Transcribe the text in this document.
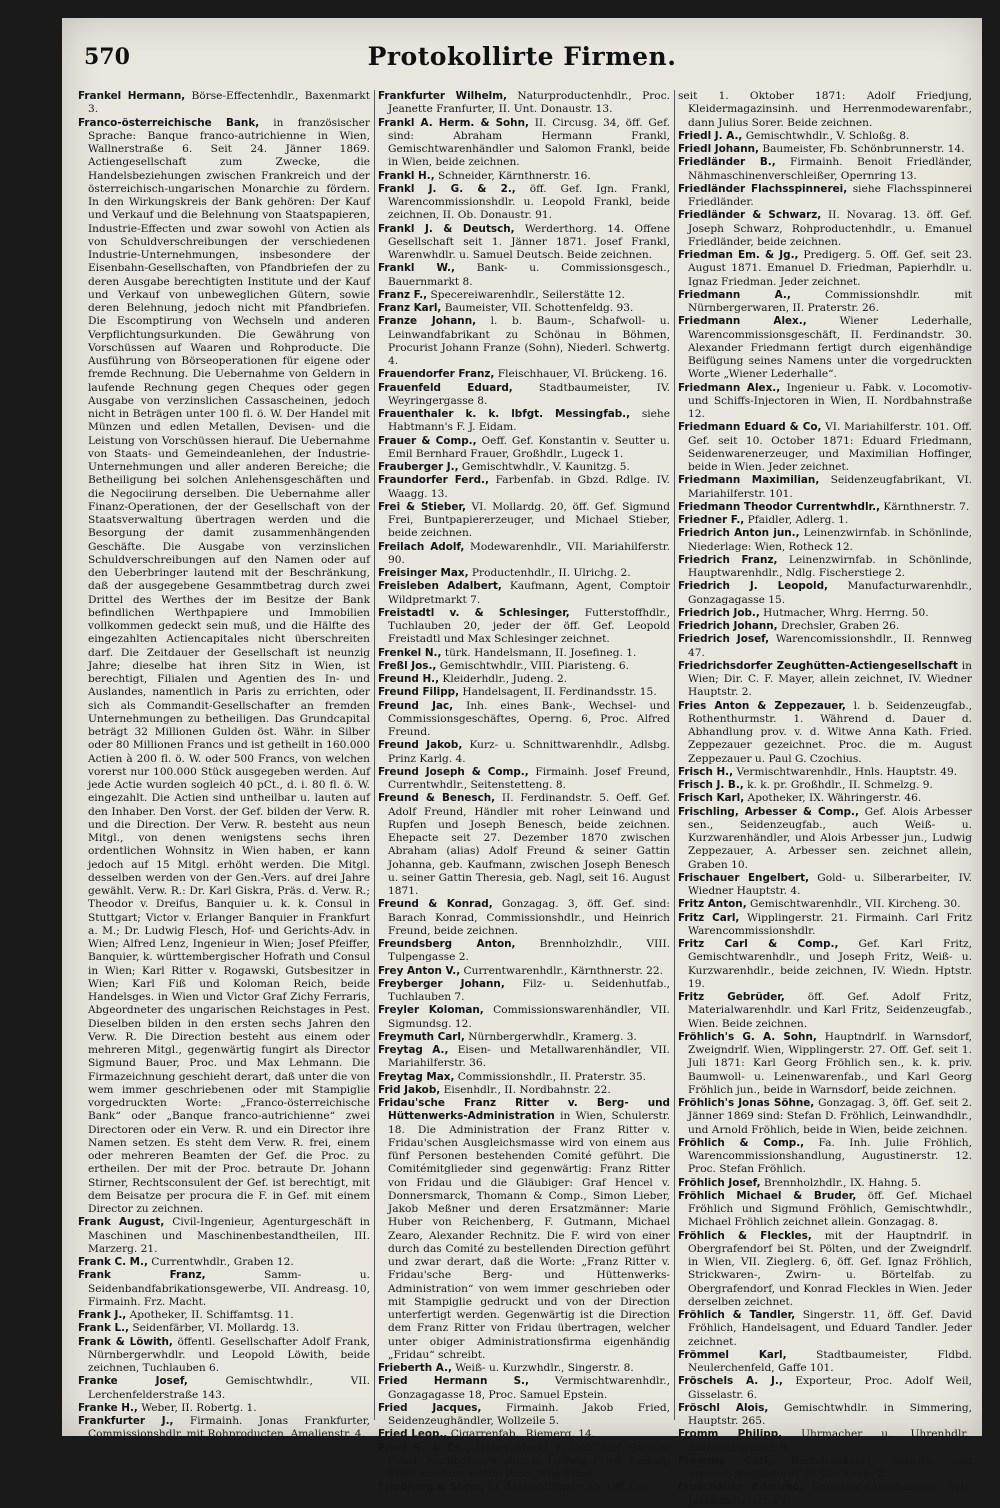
570	Protokollirte Firmen.
Frankel Hermann, Börse-Effectenhdlr., Baxenmarkt 3.
Franco-österreichische Bank, in französischer Sprache: Banque franco-autrichienne in Wien, Wallnerstraße 6. Seit 24. Jänner 1869. Actiengesellschaft zum Zwecke, die Handelsbeziehungen zwischen Frankreich und der österreichisch-ungarischen Monarchie zu fördern. In den Wirkungskreis der Bank gehören: Der Kauf und Verkauf und die Belehnung von Staatspapieren, Industrie-Effecten und zwar sowohl von Actien als von Schuldverschreibungen der verschiedenen Industrie-Unternehmungen, insbesondere der Eisenbahn-Gesellschaften, von Pfandbriefen der zu deren Ausgabe berechtigten Institute und der Kauf und Verkauf von unbeweglichen Gütern, sowie deren Belehnung, jedoch nicht mit Pfandbriefen. Die Escomptirung von Wechseln und anderen Verpflichtungsurkunden. Die Gewährung von Vorschüssen auf Waaren und Rohproducte. Die Ausführung von Börseoperationen für eigene oder fremde Rechnung. Die Uebernahme von Geldern in laufende Rechnung gegen Cheques oder gegen Ausgabe von verzinslichen Cassascheinen, jedoch nicht in Beträgen unter 100 fl. ö. W. Der Handel mit Münzen und edlen Metallen, Devisen- und die Leistung von Vorschüssen hierauf. Die Uebernahme von Staats- und Gemeindeanlehen, der Industrie-Unternehmungen und aller anderen Bereiche; die Betheiligung bei solchen Anlehensgeschäften und die Negociirung derselben. Die Uebernahme aller Finanz-Operationen, der der Gesellschaft von der Staatsverwaltung übertragen werden und die Besorgung der damit zusammenhängenden Geschäfte. Die Ausgabe von verzinslichen Schuldverschreibungen auf den Namen oder auf den Ueberbringer lautend mit der Beschränkung, daß der ausgegebene Gesammtbetrag durch zwei Drittel des Werthes der im Besitze der Bank befindlichen Werthpapiere und Immobilien vollkommen gedeckt sein muß, und die Hälfte des eingezahlten Actiencapitales nicht überschreiten darf. Die Zeitdauer der Gesellschaft ist neunzig Jahre; dieselbe hat ihren Sitz in Wien, ist berechtigt, Filialen und Agentien des In- und Auslandes, namentlich in Paris zu errichten, oder sich als Commandit-Gesellschafter an fremden Unternehmungen zu betheiligen. Das Grundcapital beträgt 32 Millionen Gulden öst. Währ. in Silber oder 80 Millionen Francs und ist getheilt in 160.000 Actien à 200 fl. ö. W. oder 500 Francs, von welchen vorerst nur 100.000 Stück ausgegeben werden. Auf jede Actie wurden sogleich 40 pCt., d. i. 80 fl. ö. W. eingezahlt. Die Actien sind untheilbar u. lauten auf den Inhaber. Den Vorst. der Gef. bilden der Verw. R. und die Direction. Der Verw. R. besteht aus neun Mitgl., von denen wenigstens sechs ihren ordentlichen Wohnsitz in Wien haben, er kann jedoch auf 15 Mitgl. erhöht werden. Die Mitgl. desselben werden von der Gen.-Vers. auf drei Jahre gewählt. Verw. R.: Dr. Karl Giskra, Präs. d. Verw. R.; Theodor v. Dreifus, Banquier u. k. k. Consul in Stuttgart; Victor v. Erlanger Banquier in Frankfurt a. M.; Dr. Ludwig Flesch, Hof- und Gerichts-Adv. in Wien; Alfred Lenz, Ingenieur in Wien; Josef Pfeiffer, Banquier, k. württembergischer Hofrath und Consul in Wien; Karl Ritter v. Rogawski, Gutsbesitzer in Wien; Karl Fiß und Koloman Reich, beide Handelsges. in Wien und Victor Graf Zichy Ferraris, Abgeordneter des ungarischen Reichstages in Pest. Dieselben bilden in den ersten sechs Jahren den Verw. R. Die Direction besteht aus einem oder mehreren Mitgl., gegenwärtig fungirt als Director Sigmund Bauer, Proc. und Max Lehmann. Die Firmazeichnung geschieht derart, daß unter die von wem immer geschriebenen oder mit Stampiglie vorgedruckten Worte: „Franco-österreichische Bank“ oder „Banque franco-autrichienne“ zwei Directoren oder ein Verw. R. und ein Director ihre Namen setzen. Es steht dem Verw. R. frei, einem oder mehreren Beamten der Gef. die Proc. zu ertheilen. Der mit der Proc. betraute Dr. Johann Stirner, Rechtsconsulent der Gef. ist berechtigt, mit dem Beisatze per procura die F. in Gef. mit einem Director zu zeichnen.
Frank August, Civil-Ingenieur, Agenturgeschäft in Maschinen und Maschinenbestandtheilen, III. Marzerg. 21.
Frank C. M., Currentwhdlr., Graben 12.
Frank Franz, Samm- u. Seidenbandfabrikationsgewerbe, VII. Andreasg. 10, Firmainh. Frz. Macht.
Frank J., Apotheker, II. Schiffamtsg. 11.
Frank L., Seidenfärber, VI. Mollardg. 13.
Frank & Löwith, öffentl. Gesellschafter Adolf Frank, Nürnbergerwhdlr. und Leopold Löwith, beide zeichnen, Tuchlauben 6.
Franke Josef, Gemischtwhdlr., VII. Lerchenfelderstraße 143.
Franke H., Weber, II. Robertg. 1.
Frankfurter J., Firmainh. Jonas Frankfurter, Commissionshdlr. mit Rohproducten, Amalienstr. 4.
Frankfurter Wilhelm, Naturproductenhdlr., Proc. Jeanette Franfurter, II. Unt. Donaustr. 13.
Frankl A. Herm. & Sohn, II. Circusg. 34, öff. Gef. sind: Abraham Hermann Frankl, Gemischtwarenhändler und Salomon Frankl, beide in Wien, beide zeichnen.
Frankl H., Schneider, Kärnthnerstr. 16.
Frankl J. G. & 2., öff. Gef. Ign. Frankl, Warencommissionshdlr. u. Leopold Frankl, beide zeichnen, II. Ob. Donaustr. 91.
Frankl J. & Deutsch, Werderthorg. 14. Offene Gesellschaft seit 1. Jänner 1871. Josef Frankl, Warenwhdlr. u. Samuel Deutsch. Beide zeichnen.
Frankl W., Bank- u. Commissionsgesch., Bauernmarkt 8.
Franz F., Specereiwarenhdlr., Seilerstätte 12.
Franz Karl, Baumeister, VII. Schottenfeldg. 93.
Franze Johann, l. b. Baum-, Schafwoll- u. Leinwandfabrikant zu Schönau in Böhmen, Procurist Johann Franze (Sohn), Niederl. Schwertg. 4.
Frauendorfer Franz, Fleischhauer, VI. Brückeng. 16.
Frauenfeld Eduard, Stadtbaumeister, IV. Weyringergasse 8.
Frauenthaler k. k. lbfgt. Messingfab., siehe Habtmann's F. J. Eidam.
Frauer & Comp., Oeff. Gef. Konstantin v. Seutter u. Emil Bernhard Frauer, Großhdlr., Lugeck 1.
Frauberger J., Gemischtwhdlr., V. Kaunitzg. 5.
Fraundorfer Ferd., Farbenfab. in Gbzd. Rdlge. IV. Waagg. 13.
Frei & Stieber, VI. Mollardg. 20, öff. Gef. Sigmund Frei, Buntpapiererzeuger, und Michael Stieber, beide zeichnen.
Freilach Adolf, Modewarenhdlr., VII. Mariahilferstr. 90.
Freisinger Max, Productenhdlr., II. Ulrichg. 2.
Freisleben Adalbert, Kaufmann, Agent, Comptoir Wildpretmarkt 7.
Freistadtl v. & Schlesinger, Futterstoffhdlr., Tuchlauben 20, jeder der öff. Gef. Leopold Freistadtl und Max Schlesinger zeichnet.
Frenkel N., türk. Handelsmann, II. Josefineg. 1.
Freßl Jos., Gemischtwhdlr., VIII. Piaristeng. 6.
Freund H., Kleiderhdlr., Judeng. 2.
Freund Filipp, Handelsagent, II. Ferdinandsstr. 15.
Freund Jac, Inh. eines Bank-, Wechsel- und Commissionsgeschäftes, Operng. 6, Proc. Alfred Freund.
Freund Jakob, Kurz- u. Schnittwarenhdlr., Adlsbg. Prinz Karlg. 4.
Freund Joseph & Comp., Firmainh. Josef Freund, Currentwhdlr., Seitenstetteng. 8.
Freund & Benesch, II. Ferdinandstr. 5. Oeff. Gef. Adolf Freund, Händler mit roher Leinwand und Rupfen und Joseph Benesch, beide zeichnen. Ehepacte seit 27. Dezember 1870 zwischen Abraham (alias) Adolf Freund & seiner Gattin Johanna, geb. Kaufmann, zwischen Joseph Benesch u. seiner Gattin Theresia, geb. Nagl, seit 16. August 1871.
Freund & Konrad, Gonzagag. 3, öff. Gef. sind: Barach Konrad, Commissionshdlr., und Heinrich Freund, beide zeichnen.
Freundsberg Anton, Brennholzhdlr., VIII. Tulpengasse 2.
Frey Anton V., Currentwarenhdlr., Kärnthnerstr. 22.
Freyberger Johann, Filz- u. Seidenhutfab., Tuchlauben 7.
Freyler Koloman, Commissionswarenhändler, VII. Sigmundsg. 12.
Freymuth Carl, Nürnbergerwhdlr., Kramerg. 3.
Freytag A., Eisen- und Metallwarenhändler, VII. Mariahilferstr. 36.
Freytag Max, Commissionshdlr., II. Praterstr. 35.
Frid Jakob, Eisenhdlr., II. Nordbahnstr. 22.
Fridau'sche Franz Ritter v. Berg- und Hüttenwerks-Administration in Wien, Schulerstr. 18. Die Administration der Franz Ritter v. Fridau'schen Ausgleichsmasse wird von einem aus fünf Personen bestehenden Comité geführt. Die Comitémitglieder sind gegenwärtig: Franz Ritter von Fridau und die Gläubiger: Graf Hencel v. Donnersmarck, Thomann & Comp., Simon Lieber, Jakob Meßner und deren Ersatzmänner: Marie Huber von Reichenberg, F. Gutmann, Michael Zearo, Alexander Rechnitz. Die F. wird von einer durch das Comité zu bestellenden Direction geführt und zwar derart, daß die Worte: „Franz Ritter v. Fridau'sche Berg- und Hüttenwerks-Administration“ von wem immer geschrieben oder mit Stampiglie gedruckt und von der Direction unterfertigt werden. Gegenwärtig ist die Direction dem Franz Ritter von Fridau übertragen, welcher unter obiger Administrationsfirma eigenhändig „Fridau“ schreibt.
Frieberth A., Weiß- u. Kurzwhdlr., Singerstr. 8.
Fried Hermann S., Vermischtwarenhdlr., Gonzagagasse 18, Proc. Samuel Epstein.
Fried Jacques, Firmainh. Jakob Fried, Seidenzeughändler, Wollzeile 5.
Fried Leop., Cigarrenfab., Riemerg. 14.
Fried S. & Co., Hoher Markt 1. Oeff. Gef. Samuel Fried, Nürnbergerwhdlr., u. Ludwig Fried. Ludwig Fried zeichnet allein. Proc. Julie Fried.
Friedjung & Sorer, VI. Mariahilferstr. 25. Off. Gef.
seit 1. Oktober 1871: Adolf Friedjung, Kleidermagazinsinh. und Herrenmodewarenfabr., dann Julius Sorer. Beide zeichnen.
Friedl J. A., Gemischtwhdlr., V. Schloßg. 8.
Friedl Johann, Baumeister, Fb. Schönbrunnerstr. 14.
Friedländer B., Firmainh. Benoit Friedländer, Nähmaschinenverschleißer, Opernring 13.
Friedländer Flachsspinnerei, siehe Flachsspinnerei Friedländer.
Friedländer & Schwarz, II. Novarag. 13. öff. Gef. Joseph Schwarz, Rohproductenhdlr., u. Emanuel Friedländer, beide zeichnen.
Friedman Em. & Jg., Predigerg. 5. Off. Gef. seit 23. August 1871. Emanuel D. Friedman, Papierhdlr. u. Ignaz Friedman. Jeder zeichnet.
Friedmann A., Commissionshdlr. mit Nürnbergerwaren, II. Praterstr. 26.
Friedmann Alex., Wiener Lederhalle, Warencommissionsgeschäft, II. Ferdinandstr. 30. Alexander Friedmann fertigt durch eigenhändige Beifügung seines Namens unter die vorgedruckten Worte „Wiener Lederhalle“.
Friedmann Alex., Ingenieur u. Fabk. v. Locomotiv- und Schiffs-Injectoren in Wien, II. Nordbahnstraße 12.
Friedmann Eduard & Co, VI. Mariahilferstr. 101. Off. Gef. seit 10. October 1871: Eduard Friedmann, Seidenwarenerzeuger, und Maximilian Hoffinger, beide in Wien. Jeder zeichnet.
Friedmann Maximilian, Seidenzeugfabrikant, VI. Mariahilferstr. 101.
Friedmann Theodor Currentwhdlr., Kärnthnerstr. 7.
Friedner F., Pfaidler, Adlerg. 1.
Friedrich Anton jun., Leinenzwirnfab. in Schönlinde, Niederlage: Wien, Rotheck 12.
Friedrich Franz, Leinenzwirnfab. in Schönlinde, Hauptwarenhdlr., Ndlg. Fischerstiege 2.
Friedrich J. Leopold, Manufacturwarenhdlr., Gonzagagasse 15.
Friedrich Job., Hutmacher, Whrg. Herrng. 50.
Friedrich Johann, Drechsler, Graben 26.
Friedrich Josef, Warencomissionshdlr., II. Rennweg 47.
Friedrichsdorfer Zeughütten-Actiengesellschaft in Wien; Dir. C. F. Mayer, allein zeichnet, IV. Wiedner Hauptstr. 2.
Fries Anton & Zeppezauer, l. b. Seidenzeugfab., Rothenthurmstr. 1. Während d. Dauer d. Abhandlung prov. v. d. Witwe Anna Kath. Fried. Zeppezauer gezeichnet. Proc. die m. August Zeppezauer u. Paul G. Czochius.
Frisch H., Vermischtwarenhdlr., Hnls. Hauptstr. 49.
Frisch J. B., k. k. pr. Großhdlr., II. Schmelzg. 9.
Frisch Karl, Apotheker, IX. Währingerstr. 46.
Frischling, Arbesser & Comp., Gef. Alois Arbesser sen., Seidenzeugfab., auch Weiß- u. Kurzwarenhändler, und Alois Arbesser jun., Ludwig Zeppezauer, A. Arbesser sen. zeichnet allein, Graben 10.
Frischauer Engelbert, Gold- u. Silberarbeiter, IV. Wiedner Hauptstr. 4.
Fritz Anton, Gemischtwarenhdlr., VII. Kircheng. 30.
Fritz Carl, Wipplingerstr. 21. Firmainh. Carl Fritz Warencommissionshdlr.
Fritz Carl & Comp., Gef. Karl Fritz, Gemischtwarenhdlr., und Joseph Fritz, Weiß- u. Kurzwarenhdlr., beide zeichnen, IV. Wiedn. Hptstr. 19.
Fritz Gebrüder, öff. Gef. Adolf Fritz, Materialwarenhdlr. und Karl Fritz, Seidenzeugfab., Wien. Beide zeichnen.
Fröhlich's G. A. Sohn, Hauptndrlf. in Warnsdorf, Zweigndrlf. Wien, Wipplingerstr. 27. Off. Gef. seit 1. Juli 1871: Karl Georg Fröhlich sen., k. k. priv. Baumwoll- u. Leinenwarenfab., und Karl Georg Fröhlich jun., beide in Warnsdorf, beide zeichnen.
Fröhlich's Jonas Söhne, Gonzagag. 3, öff. Gef. seit 2. Jänner 1869 sind: Stefan D. Fröhlich, Leinwandhdlr., und Arnold Fröhlich, beide in Wien, beide zeichnen.
Fröhlich & Comp., Fa. Inh. Julie Fröhlich, Warencommissionshandlung, Augustinerstr. 12. Proc. Stefan Fröhlich.
Fröhlich Josef, Brennholzhdlr., IX. Hahng. 5.
Fröhlich Michael & Bruder, öff. Gef. Michael Fröhlich und Sigmund Fröhlich, Gemischtwhdlr., Michael Fröhlich zeichnet allein. Gonzagag. 8.
Fröhlich & Fleckles, mit der Hauptndrlf. in Obergrafendorf bei St. Pölten, und der Zweigndrlf. in Wien, VII. Zieglerg. 6, öff. Gef. Ignaz Fröhlich, Strickwaren-, Zwirn- u. Börtelfab. zu Obergrafendorf, und Konrad Fleckles in Wien. Jeder derselben zeichnet.
Fröhlich & Tandler, Singerstr. 11, öff. Gef. David Fröhlich, Handelsagent, und Eduard Tandler. Jeder zeichnet.
Frömmel Karl, Stadtbaumeister, Fldbd. Neulerchenfeld, Gaffe 101.
Fröschels A. J., Exporteur, Proc. Adolf Weil, Gisselastr. 6.
Fröschl Alois, Gemischtwhdlr. in Simmering, Hauptstr. 265.
Fromm Philipp, Uhrmacher u. Uhrenhdlr., Rothenthurmstr. 9.
Fromme Carl, Buchdruckerei, Schrift- und Stereotypengießerei, II. Glockeng. 2.
Froschauer Edmund, Gemischtwarenhändler, VIII. Josefstädterstr. 27.
